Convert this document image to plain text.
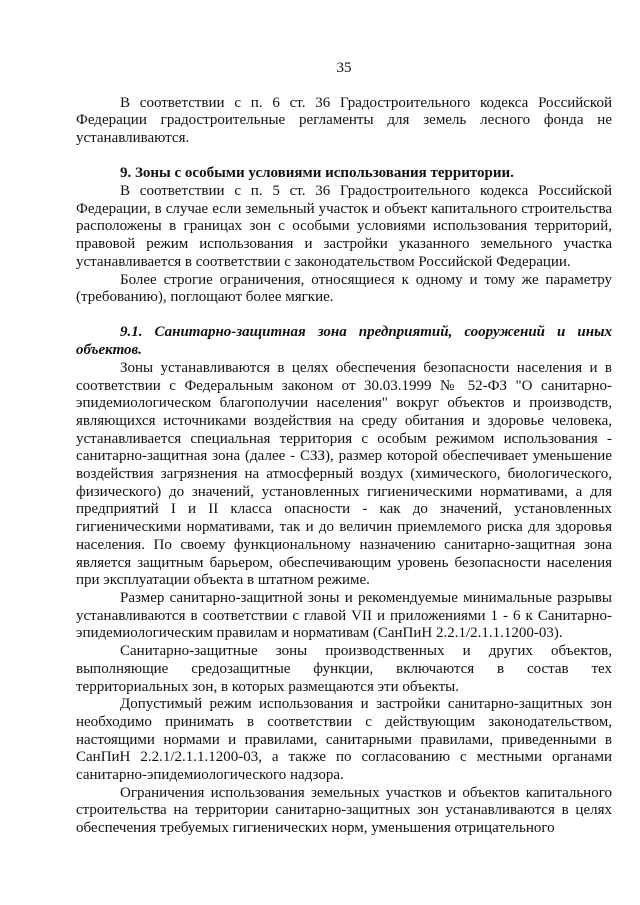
35

В соответствии с п. 6 ст. 36 Градостроительного кодекса Российской Федерации градостроительные регламенты для земель лесного фонда не устанавливаются.

9. Зоны с особыми условиями использования территории.

В соответствии с п. 5 ст. 36 Градостроительного кодекса Российской Федерации, в случае если земельный участок и объект капитального строительства расположены в границах зон с особыми условиями использования территорий, правовой режим использования и застройки указанного земельного участка устанавливается в соответствии с законодательством Российской Федерации.

Более строгие ограничения, относящиеся к одному и тому же параметру (требованию), поглощают более мягкие.

9.1. Санитарно-защитная зона предприятий, сооружений и иных объектов.

Зоны устанавливаются в целях обеспечения безопасности населения и в соответствии с Федеральным законом от 30.03.1999 № 52-ФЗ "О санитарно-эпидемиологическом благополучии населения" вокруг объектов и производств, являющихся источниками воздействия на среду обитания и здоровье человека, устанавливается специальная территория с особым режимом использования - санитарно-защитная зона (далее - СЗЗ), размер которой обеспечивает уменьшение воздействия загрязнения на атмосферный воздух (химического, биологического, физического) до значений, установленных гигиеническими нормативами, а для предприятий I и II класса опасности - как до значений, установленных гигиеническими нормативами, так и до величин приемлемого риска для здоровья населения. По своему функциональному назначению санитарно-защитная зона является защитным барьером, обеспечивающим уровень безопасности населения при эксплуатации объекта в штатном режиме.

Размер санитарно-защитной зоны и рекомендуемые минимальные разрывы устанавливаются в соответствии с главой VII и приложениями 1 - 6 к Санитарно-эпидемиологическим правилам и нормативам (СанПиН 2.2.1/2.1.1.1200-03).

Санитарно-защитные зоны производственных и других объектов, выполняющие средозащитные функции, включаются в состав тех территориальных зон, в которых размещаются эти объекты.

Допустимый режим использования и застройки санитарно-защитных зон необходимо принимать в соответствии с действующим законодательством, настоящими нормами и правилами, санитарными правилами, приведенными в СанПиН 2.2.1/2.1.1.1200-03, а также по согласованию с местными органами санитарно-эпидемиологического надзора.

Ограничения использования земельных участков и объектов капитального строительства на территории санитарно-защитных зон устанавливаются в целях обеспечения требуемых гигиенических норм, уменьшения отрицательного
